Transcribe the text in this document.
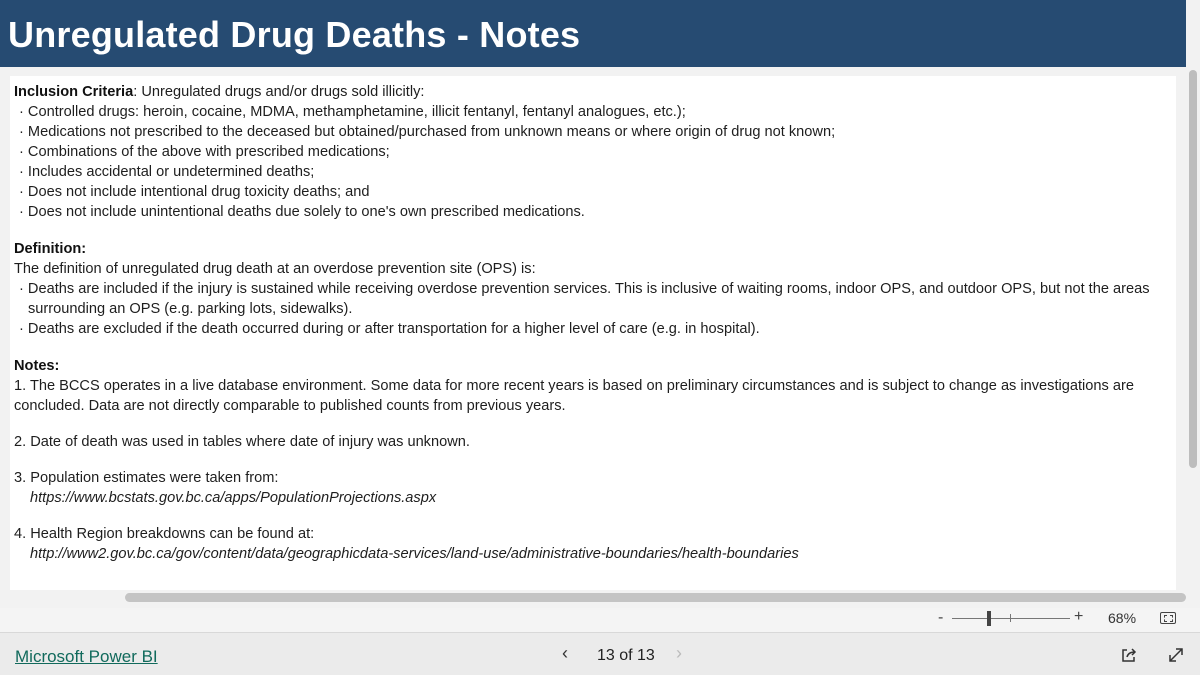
Unregulated Drug Deaths - Notes
Inclusion Criteria: Unregulated drugs and/or drugs sold illicitly:
· Controlled drugs: heroin, cocaine, MDMA, methamphetamine, illicit fentanyl, fentanyl analogues, etc.);
· Medications not prescribed to the deceased but obtained/purchased from unknown means or where origin of drug not known;
· Combinations of the above with prescribed medications;
· Includes accidental or undetermined deaths;
· Does not include intentional drug toxicity deaths; and
· Does not include unintentional deaths due solely to one's own prescribed medications.
Definition:
The definition of unregulated drug death at an overdose prevention site (OPS) is:
· Deaths are included if the injury is sustained while receiving overdose prevention services. This is inclusive of waiting rooms, indoor OPS, and outdoor OPS, but not the areas surrounding an OPS (e.g. parking lots, sidewalks).
· Deaths are excluded if the death occurred during or after transportation for a higher level of care (e.g. in hospital).
Notes:
1. The BCCS operates in a live database environment. Some data for more recent years is based on preliminary circumstances and is subject to change as investigations are concluded. Data are not directly comparable to published counts from previous years.
2. Date of death was used in tables where date of injury was unknown.
3. Population estimates were taken from:
https://www.bcstats.gov.bc.ca/apps/PopulationProjections.aspx
4. Health Region breakdowns can be found at:
http://www2.gov.bc.ca/gov/content/data/geographicdata-services/land-use/administrative-boundaries/health-boundaries
-	+ 68%
Microsoft Power BI	‹ 13 of 13 ›
